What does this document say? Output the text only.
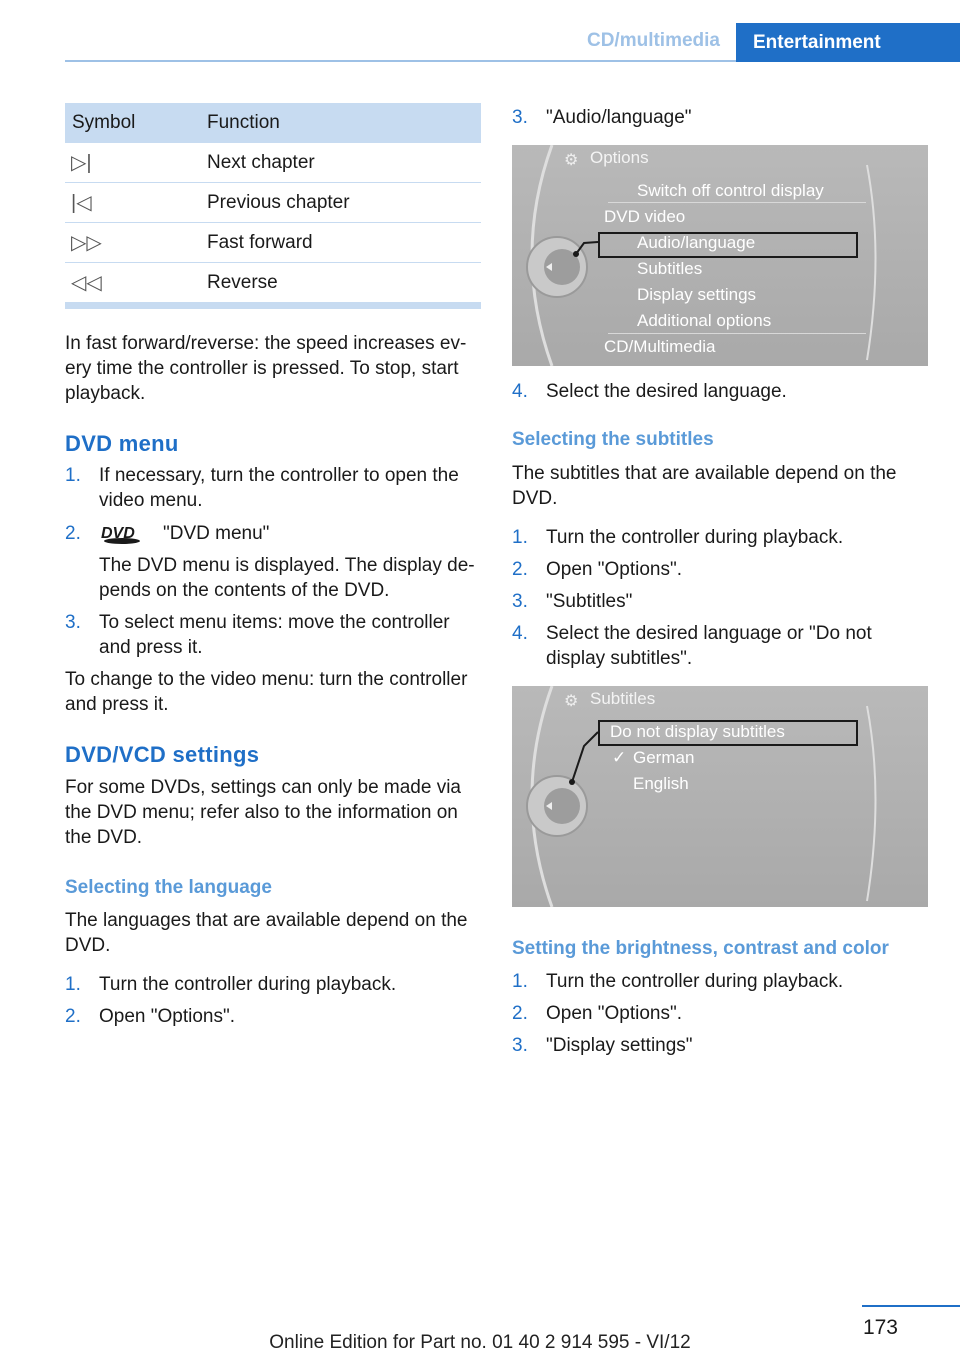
CD/multimedia	Entertainment
Symbol	Function
▷|	Next chapter
|◁	Previous chapter
▷▷	Fast forward
◁◁	Reverse
In fast forward/reverse: the speed increases every time the controller is pressed. To stop, start playback.
DVD menu
1. If necessary, turn the controller to open the video menu.
2. DVD "DVD menu"
The DVD menu is displayed. The display depends on the contents of the DVD.
3. To select menu items: move the controller and press it.
To change to the video menu: turn the controller and press it.
DVD/VCD settings
For some DVDs, settings can only be made via the DVD menu; refer also to the information on the DVD.
Selecting the language
The languages that are available depend on the DVD.
1. Turn the controller during playback.
2. Open "Options".
3. "Audio/language"
⚙ Options
Switch off control display
DVD video
Audio/language
Subtitles
Display settings
Additional options
CD/Multimedia
4. Select the desired language.
Selecting the subtitles
The subtitles that are available depend on the DVD.
1. Turn the controller during playback.
2. Open "Options".
3. "Subtitles"
4. Select the desired language or "Do not display subtitles".
⚙ Subtitles
Do not display subtitles
✓ German
English
Setting the brightness, contrast and color
1. Turn the controller during playback.
2. Open "Options".
3. "Display settings"
173
Online Edition for Part no. 01 40 2 914 595 - VI/12
